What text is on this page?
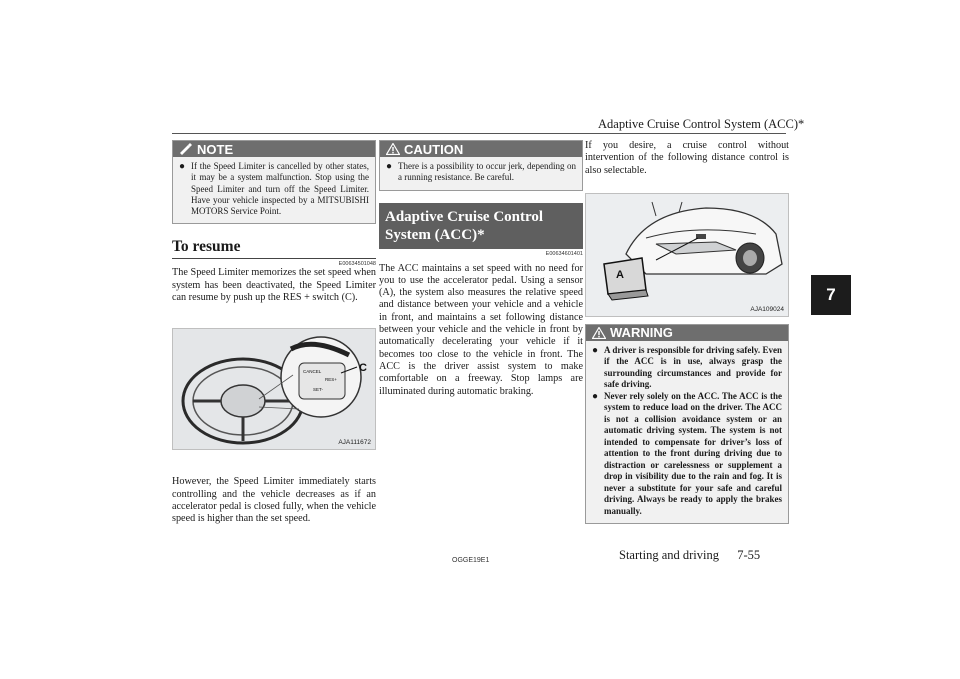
Adaptive Cruise Control System (ACC)*
7
NOTE
● If the Speed Limiter is cancelled by other states, it may be a system malfunction. Stop using the Speed Limiter and turn off the Speed Limiter. Have your vehicle inspected by a MITSUBISHI MOTORS Service Point.
To resume
E00634501048
The Speed Limiter memorizes the set speed when system has been deactivated, the Speed Limiter can resume by push up the RES + switch (C).
CANCEL
RES+
SET-
C
AJA111672
However, the Speed Limiter immediately starts controlling and the vehicle decreases as if an accelerator pedal is closed fully, when the vehicle speed is higher than the set speed.
CAUTION
● There is a possibility to occur jerk, depending on a running resistance. Be careful.
Adaptive Cruise Control
System (ACC)*
E00634601401
The ACC maintains a set speed with no need for you to use the accelerator pedal. Using a sensor (A), the system also measures the relative speed and distance between your vehicle and a vehicle in front, and maintains a set following distance between your vehicle and the vehicle in front by automatically decelerating your vehicle if it becomes too close to the vehicle in front. The ACC is the driver assist system to make comfortable on a freeway. Stop lamps are illuminated during automatic braking.
If you desire, a cruise control without intervention of the following distance control is also selectable.
A
AJA109024
WARNING
● A driver is responsible for driving safely. Even if the ACC is in use, always grasp the surrounding circumstances and provide for safe driving.
● Never rely solely on the ACC. The ACC is the system to reduce load on the driver. The ACC is not a collision avoidance system or an automatic driving system. The system is not intended to compensate for driver’s loss of attention to the front during driving due to distraction or carelessness or supplement a drop in visibility due to the rain and fog. It is never a substitute for your safe and careful driving. Always be ready to apply the brakes manually.
OGGE19E1	Starting and driving 7-55
